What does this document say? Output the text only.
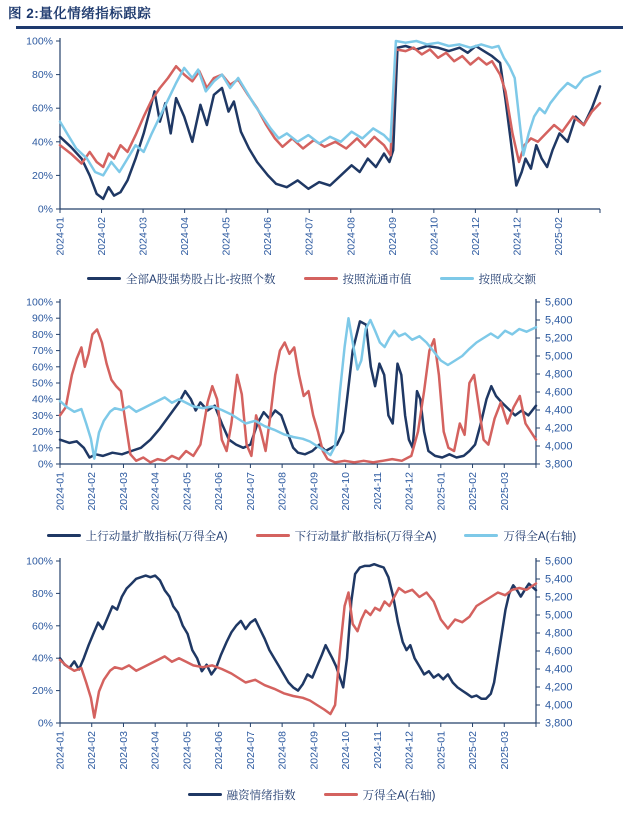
图 2:量化情绪指标跟踪
0%
20%
40%
60%
80%
100%
2024-01	2024-02	2024-03	2024-04	2024-05	2024-06	2024-07	2024-08	2024-09	2024-10	2024-12	2024-12	2025-02
全部A股强势股占比-按照个数	按照流通市值	按照成交额
0%
10%
20%
30%
40%
50%
60%
70%
80%
90%
100%
3,800
4,000
4,200
4,400
4,600
4,800
5,000
5,200
5,400
5,600
2024-01 2024-02 2024-03 2024-04 2024-05 2024-06 2024-07 2024-08 2024-09 2024-10 2024-11 2024-12 2025-01 2025-02 2025-03
上行动量扩散指标(万得全A)	下行动量扩散指标(万得全A)	万得全A(右轴)
0%
20%
40%
60%
80%
100%
3,800
4,000
4,200
4,400
4,600
4,800
5,000
5,200
5,400
5,600
2024-01 2024-02 2024-03 2024-04 2024-05 2024-06 2024-07 2024-08 2024-09 2024-10 2024-11 2024-12 2025-01 2025-02 2025-03
融资情绪指数	万得全A(右轴)
